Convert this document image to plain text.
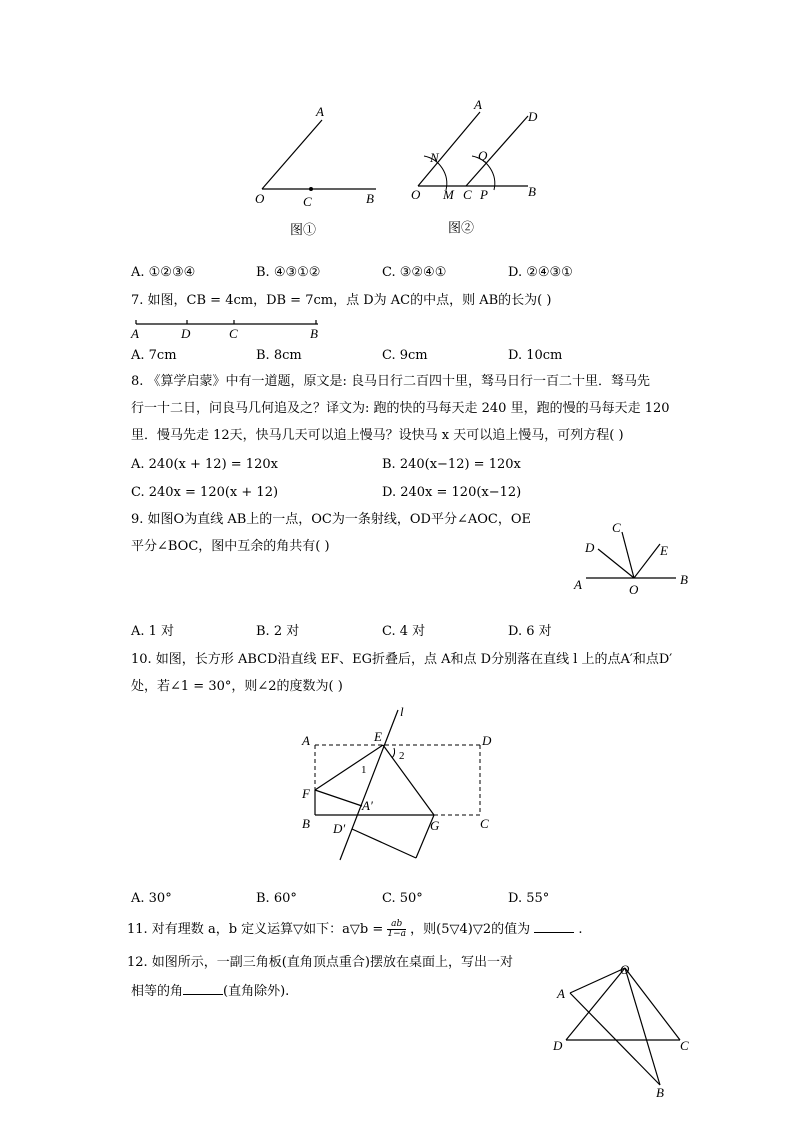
A
O	C	B
图①
A
D
N	Q
O M C P	B
图②
A. ①②③④	B. ④③①②	C. ③②④①	D. ②④③①
7. 如图，CB = 4cm，DB = 7cm，点 D为 AC的中点，则 AB的长为( )
A	D	C	B
A. 7cm	B. 8cm	C. 9cm	D. 10cm
8. 《算学启蒙》中有一道题，原文是: 良马日行二百四十里，驽马日行一百二十里．驽马先
行一十二日，问良马几何追及之？译文为: 跑的快的马每天走 240 里，跑的慢的马每天走 120
里．慢马先走 12天，快马几天可以追上慢马？设快马 x 天可以追上慢马，可列方程( )
A. 240(x + 12) = 120x	B. 240(x−12) = 120x
C. 240x = 120(x + 12)	D. 240x = 120(x−12)
9. 如图O为直线 AB上的一点，OC为一条射线，OD平分∠AOC，OE
平分∠BOC，图中互余的角共有( )
C
D	E
A	O
B
A. 1 对	B. 2 对	C. 4 对	D. 6 对
10. 如图，长方形 ABCD沿直线 EF、EG折叠后，点 A和点 D分别落在直线 l 上的点A′和点D′
处，若∠1 = 30°，则∠2的度数为( )
l
A	E	D
1
2
F
A′
B D′	G	C
A. 30°	B. 60°	C. 50°	D. 55°
11. 对有理数 a，b 定义运算▽如下：a▽b = $\frac{ab}{1-a}$ ，则(5▽4)▽2的值为	.
12. 如图所示，一副三角板(直角顶点重合)摆放在桌面上，写出一对
相等的角	(直角除外).
O
A
D	C
B
